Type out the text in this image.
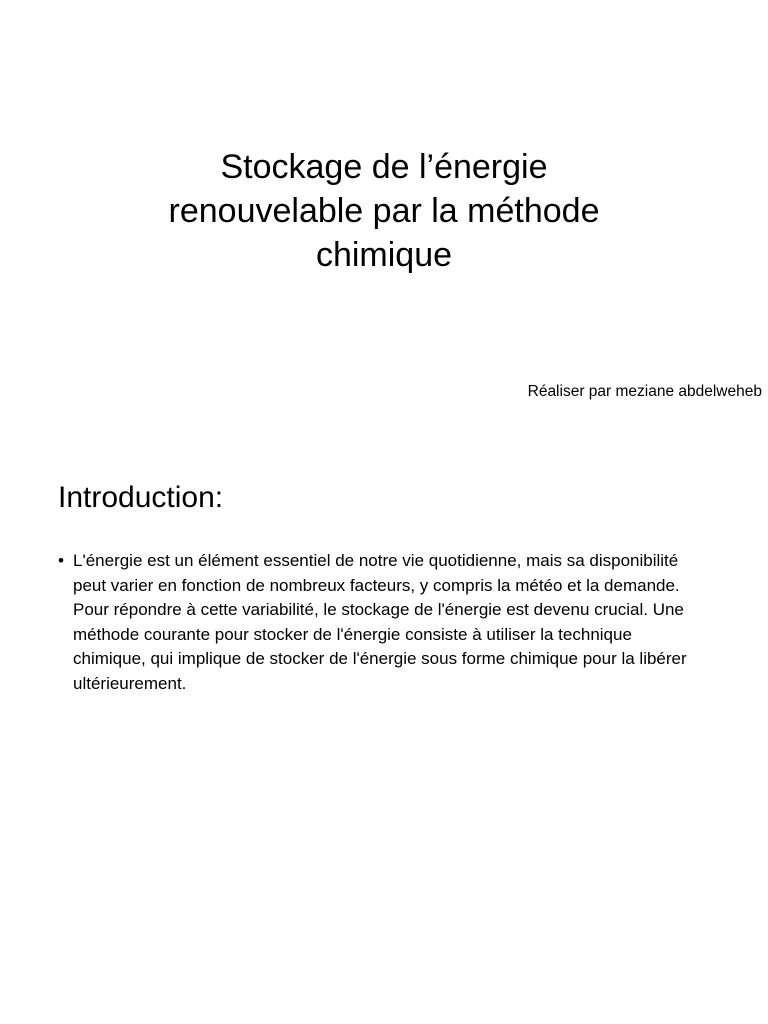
Stockage de l’énergie
renouvelable par la méthode
chimique
Réaliser par meziane abdelweheb
Introduction:
• L'énergie est un élément essentiel de notre vie quotidienne, mais sa disponibilité peut varier en fonction de nombreux facteurs, y compris la météo et la demande. Pour répondre à cette variabilité, le stockage de l'énergie est devenu crucial. Une méthode courante pour stocker de l'énergie consiste à utiliser la technique chimique, qui implique de stocker de l'énergie sous forme chimique pour la libérer ultérieurement.
